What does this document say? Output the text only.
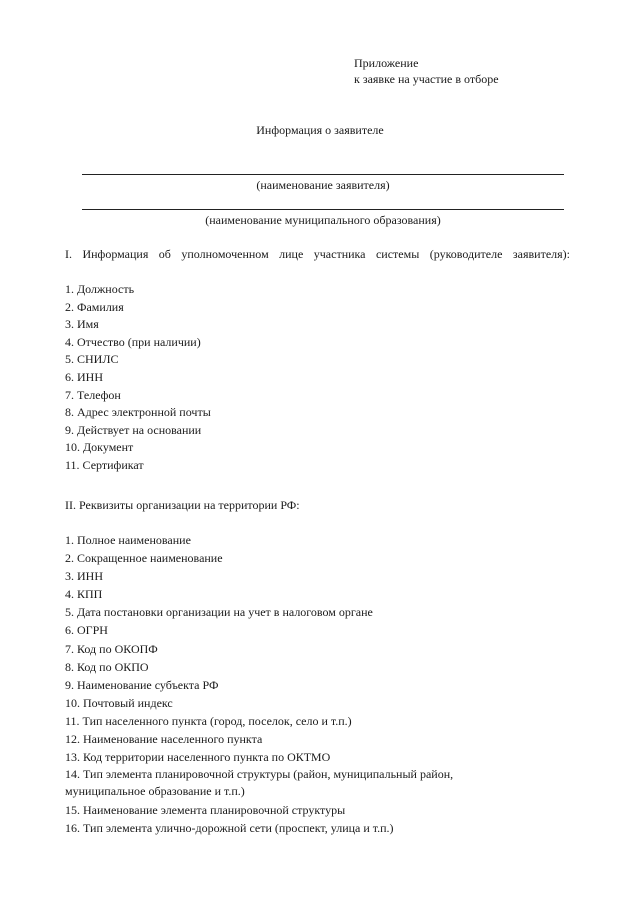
Приложение
к заявке на участие в отборе
Информация о заявителе
(наименование заявителя)
(наименование муниципального образования)
I. Информация об уполномоченном лице участника системы (руководителе заявителя):
1. Должность
2. Фамилия
3. Имя
4. Отчество (при наличии)
5. СНИЛС
6. ИНН
7. Телефон
8. Адрес электронной почты
9. Действует на основании
10. Документ
11. Сертификат
II. Реквизиты организации на территории РФ:
1. Полное наименование
2. Сокращенное наименование
3. ИНН
4. КПП
5. Дата постановки организации на учет в налоговом органе
6. ОГРН
7. Код по ОКОПФ
8. Код по ОКПО
9. Наименование субъекта РФ
10. Почтовый индекс
11. Тип населенного пункта (город, поселок, село и т.п.)
12. Наименование населенного пункта
13. Код территории населенного пункта по ОКТМО
14. Тип элемента планировочной структуры (район, муниципальный район, муниципальное образование и т.п.)
15. Наименование элемента планировочной структуры
16. Тип элемента улично-дорожной сети (проспект, улица и т.п.)
